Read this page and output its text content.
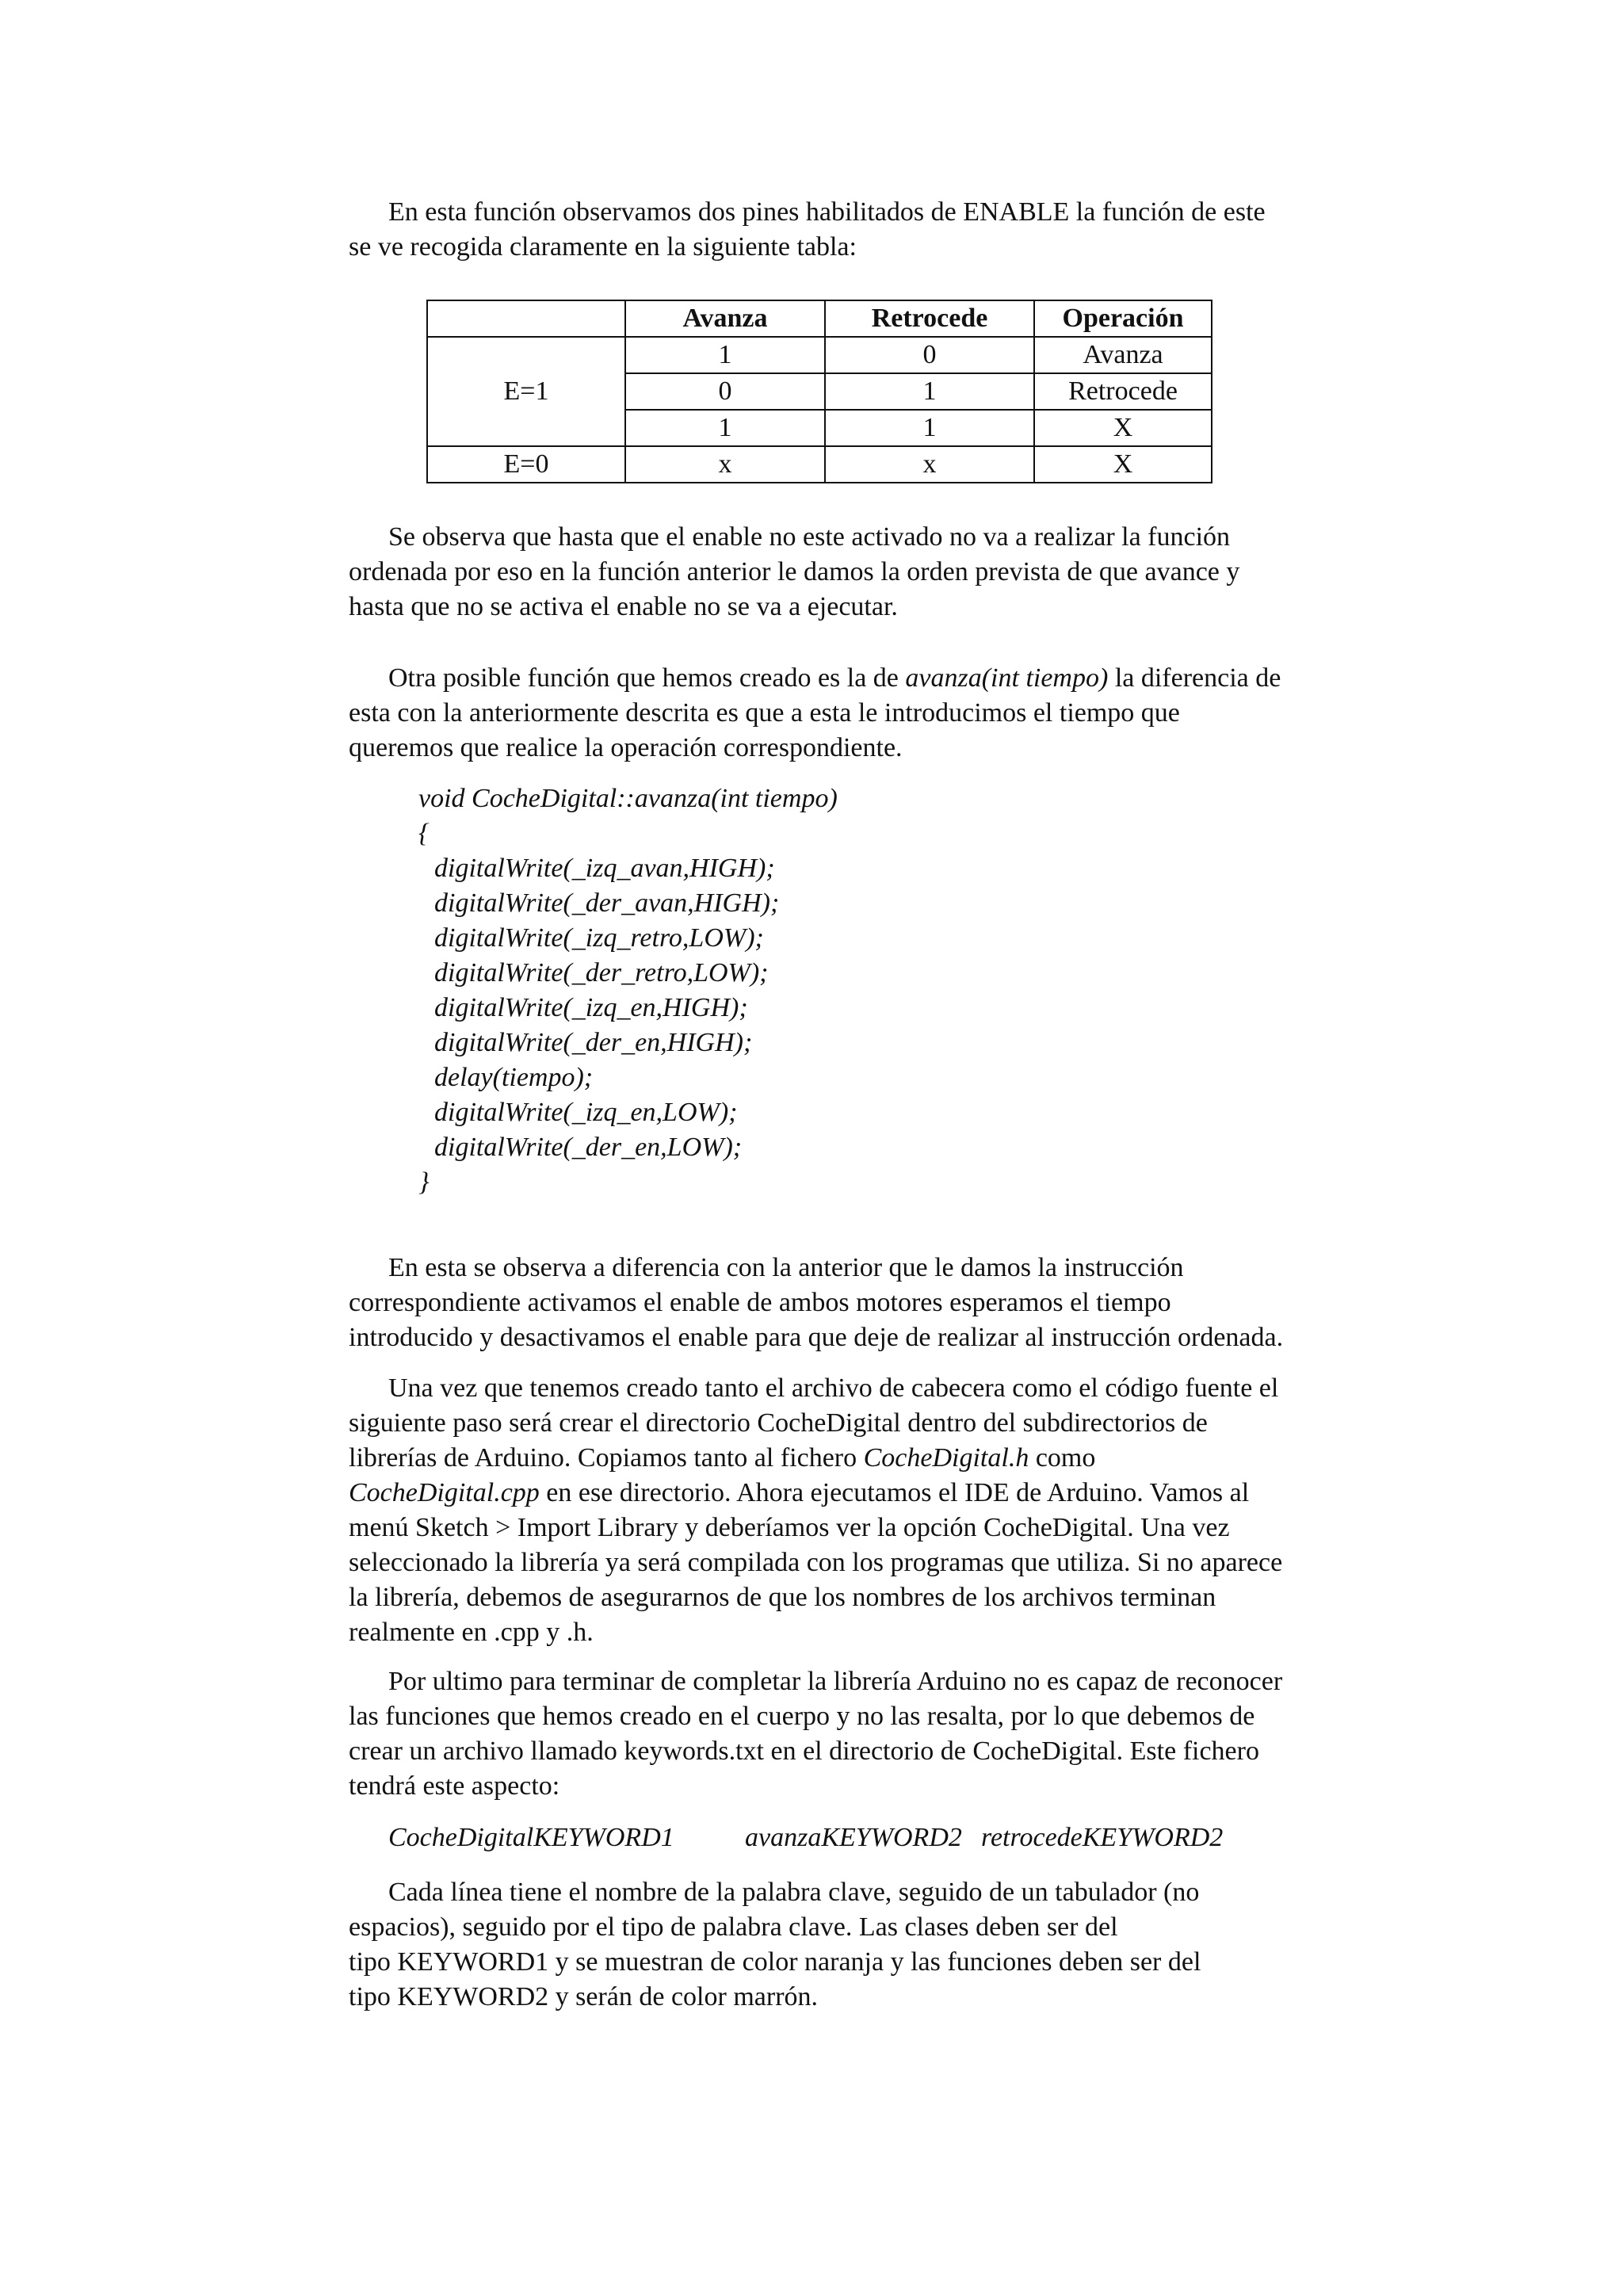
En esta función observamos dos pines habilitados de ENABLE la función de este
se ve recogida claramente en la siguiente tabla:

	Avanza	Retrocede	Operación
E=1	1	0	Avanza
	0	1	Retrocede
	1	1	X
E=0	x	x	X

Se observa que hasta que el enable no este activado no va a realizar la función
ordenada por eso en la función anterior le damos la orden prevista de que avance y
hasta que no se activa el enable no se va a ejecutar.

Otra posible función que hemos creado es la de avanza(int tiempo) la diferencia de
esta con la anteriormente descrita es que a esta le introducimos el tiempo que
queremos que realice la operación correspondiente.

void CocheDigital::avanza(int tiempo)
{
digitalWrite(_izq_avan,HIGH);
digitalWrite(_der_avan,HIGH);
digitalWrite(_izq_retro,LOW);
digitalWrite(_der_retro,LOW);
digitalWrite(_izq_en,HIGH);
digitalWrite(_der_en,HIGH);
delay(tiempo);
digitalWrite(_izq_en,LOW);
digitalWrite(_der_en,LOW);
}

En esta se observa a diferencia con la anterior que le damos la instrucción
correspondiente activamos el enable de ambos motores esperamos el tiempo
introducido y desactivamos el enable para que deje de realizar al instrucción ordenada.

Una vez que tenemos creado tanto el archivo de cabecera como el código fuente el
siguiente paso será crear el directorio CocheDigital dentro del subdirectorios de
librerías de Arduino. Copiamos tanto al fichero CocheDigital.h como
CocheDigital.cpp en ese directorio. Ahora ejecutamos el IDE de Arduino. Vamos al
menú Sketch > Import Library y deberíamos ver la opción CocheDigital. Una vez
seleccionado la librería ya será compilada con los programas que utiliza. Si no aparece
la librería, debemos de asegurarnos de que los nombres de los archivos terminan
realmente en .cpp y .h.

Por ultimo para terminar de completar la librería Arduino no es capaz de reconocer
las funciones que hemos creado en el cuerpo y no las resalta, por lo que debemos de
crear un archivo llamado keywords.txt en el directorio de CocheDigital. Este fichero
tendrá este aspecto:

CocheDigitalKEYWORD1	avanzaKEYWORD2 retrocedeKEYWORD2

Cada línea tiene el nombre de la palabra clave, seguido de un tabulador (no
espacios), seguido por el tipo de palabra clave. Las clases deben ser del
tipo KEYWORD1 y se muestran de color naranja y las funciones deben ser del
tipo KEYWORD2 y serán de color marrón.
